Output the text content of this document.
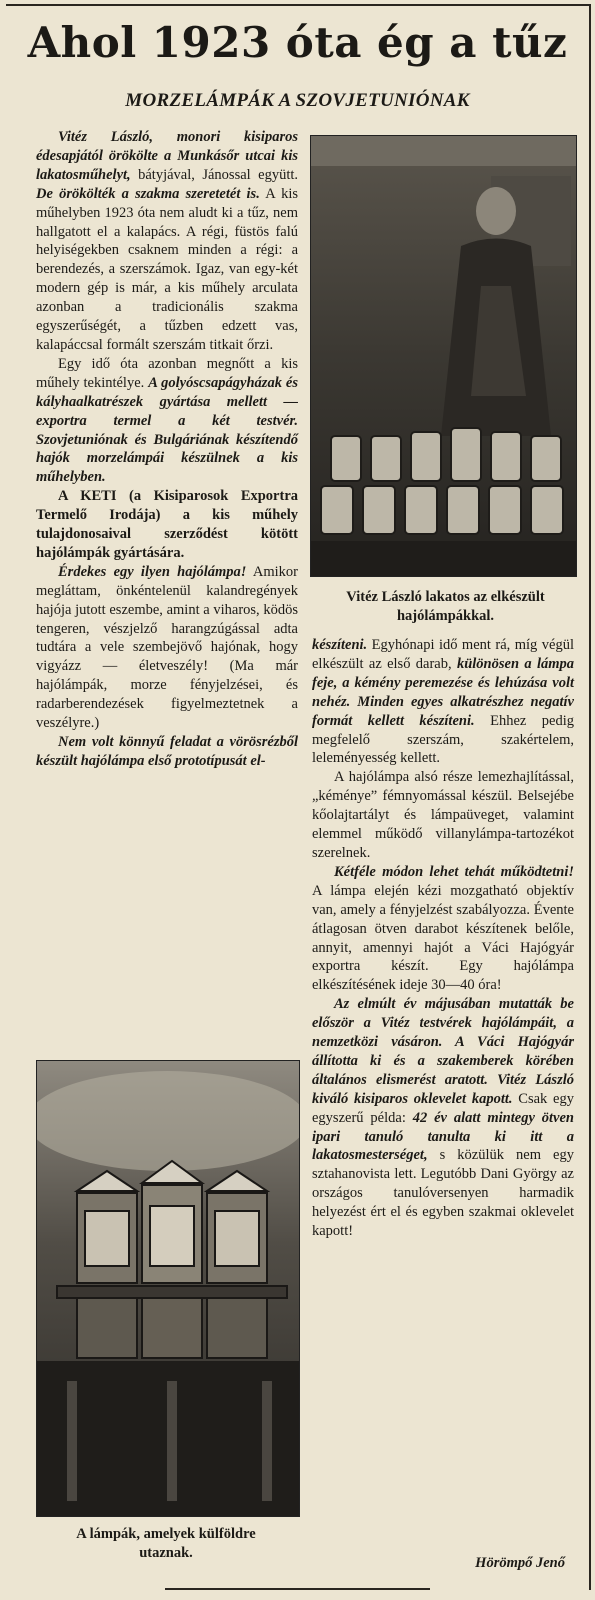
Ahol 1923 óta ég a tűz
MORZELÁMPÁK A SZOVJETUNIÓNAK

Vitéz László, monori kisiparos édesapjától örökölte a Munkásőr utcai kis lakatosműhelyt, bátyjával, Jánossal együtt. De örökölték a szakma szeretetét is. A kis műhelyben 1923 óta nem aludt ki a tűz, nem hallgatott el a kalapács. A régi, füstös falú helyiségekben csaknem minden a régi: a berendezés, a szerszámok. Igaz, van egy-két modern gép is már, a kis műhely arculata azonban a tradicionális szakma egyszerűségét, a tűzben edzett vas, kalapáccsal formált szerszám titkait őrzi.

Egy idő óta azonban megnőtt a kis műhely tekintélye. A golyóscsapágyházak és kályhaalkatrészek gyártása mellett — exportra termel a két testvér. Szovjetuniónak és Bulgáriának készítendő hajók morzelámpái készülnek a kis műhelyben.

A KETI (a Kisiparosok Exportra Termelő Irodája) a kis műhely tulajdonosaival szerződést kötött hajólámpák gyártására.

Érdekes egy ilyen hajólámpa! Amikor megláttam, önkéntelenül kalandregények hajója jutott eszembe, amint a viharos, ködös tengeren, vészjelző harangzúgással adta tudtára a vele szembejövő hajónak, hogy vigyázz — életveszély! (Ma már hajólámpák, morze fényjelzései, és radarberendezések figyelmeztetnek a veszélyre.)

Nem volt könnyű feladat a vörösrézből készült hajólámpa első prototípusát el-

Vitéz László lakatos az elkészült hajólámpákkal.

készíteni. Egyhónapi idő ment rá, míg végül elkészült az első darab, különösen a lámpa feje, a kémény peremezése és lehúzása volt nehéz. Minden egyes alkatrészhez negatív formát kellett készíteni. Ehhez pedig megfelelő szerszám, szakértelem, leleményesség kellett.

A hajólámpa alsó része lemezhajlítással, „kéménye” fémnyomással készül. Belsejébe kőolajtartályt és lámpaüveget, valamint elemmel működő villanylámpa-tartozékot szerelnek.

Kétféle módon lehet tehát működtetni! A lámpa elején kézi mozgatható objektív van, amely a fényjelzést szabályozza. Évente átlagosan ötven darabot készítenek belőle, annyit, amennyi hajót a Váci Hajógyár exportra készít. Egy hajólámpa elkészítésének ideje 30—40 óra!

Az elmúlt év májusában mutatták be először a Vitéz testvérek hajólámpáit, a nemzetközi vásáron. A Váci Hajógyár állította ki és a szakemberek körében általános elismerést aratott. Vitéz László kiváló kisiparos oklevelet kapott. Csak egy egyszerű példa: 42 év alatt mintegy ötven ipari tanuló tanulta ki itt a lakatosmesterséget, s közülük nem egy sztahanovista lett. Legutóbb Dani György az országos tanulóversenyen harmadik helyezést ért el és egyben szakmai oklevelet kapott!

A lámpák, amelyek külföldre utaznak.
Hörömpő Jenő
